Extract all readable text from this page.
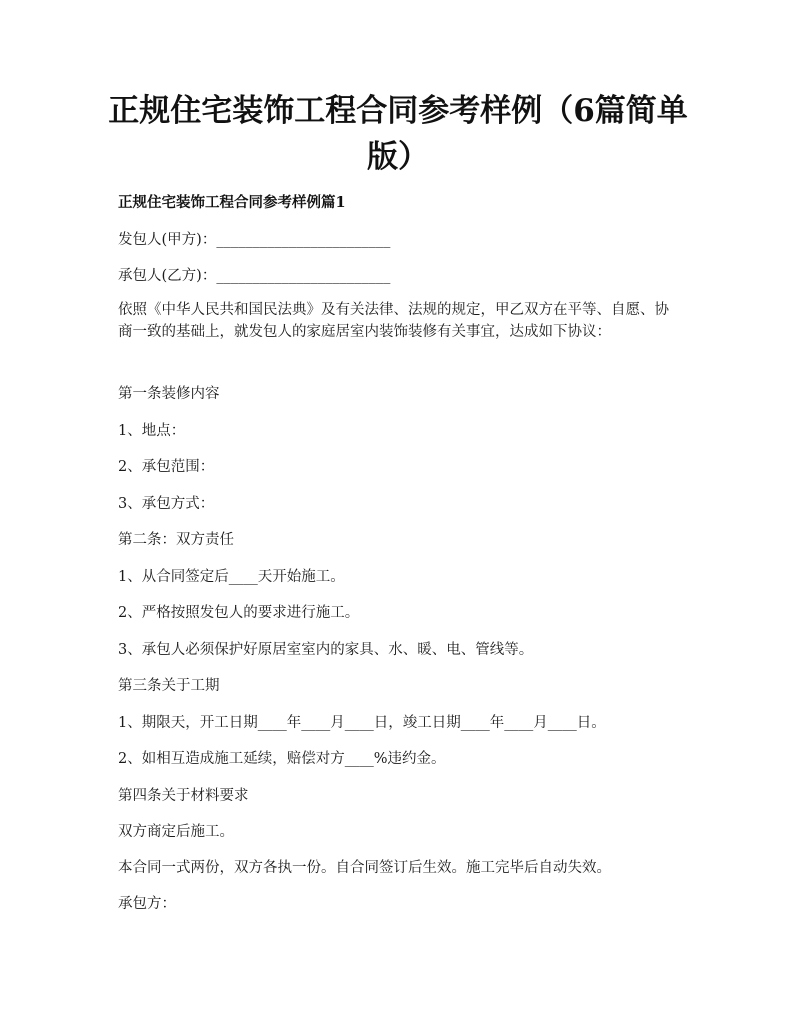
正规住宅装饰工程合同参考样例（6篇简单版）
正规住宅装饰工程合同参考样例篇1

发包人(甲方)：________________________

承包人(乙方)：________________________

依照《中华人民共和国民法典》及有关法律、法规的规定，甲乙双方在平等、自愿、协商一致的基础上，就发包人的家庭居室内装饰装修有关事宜，达成如下协议：

第一条装修内容

1、地点：

2、承包范围：

3、承包方式：

第二条：双方责任

1、从合同签定后____天开始施工。

2、严格按照发包人的要求进行施工。

3、承包人必须保护好原居室室内的家具、水、暖、电、管线等。

第三条关于工期

1、期限天，开工日期____年____月____日，竣工日期____年____月____日。

2、如相互造成施工延续，赔偿对方____%违约金。

第四条关于材料要求

双方商定后施工。

本合同一式两份，双方各执一份。自合同签订后生效。施工完毕后自动失效。

承包方：
